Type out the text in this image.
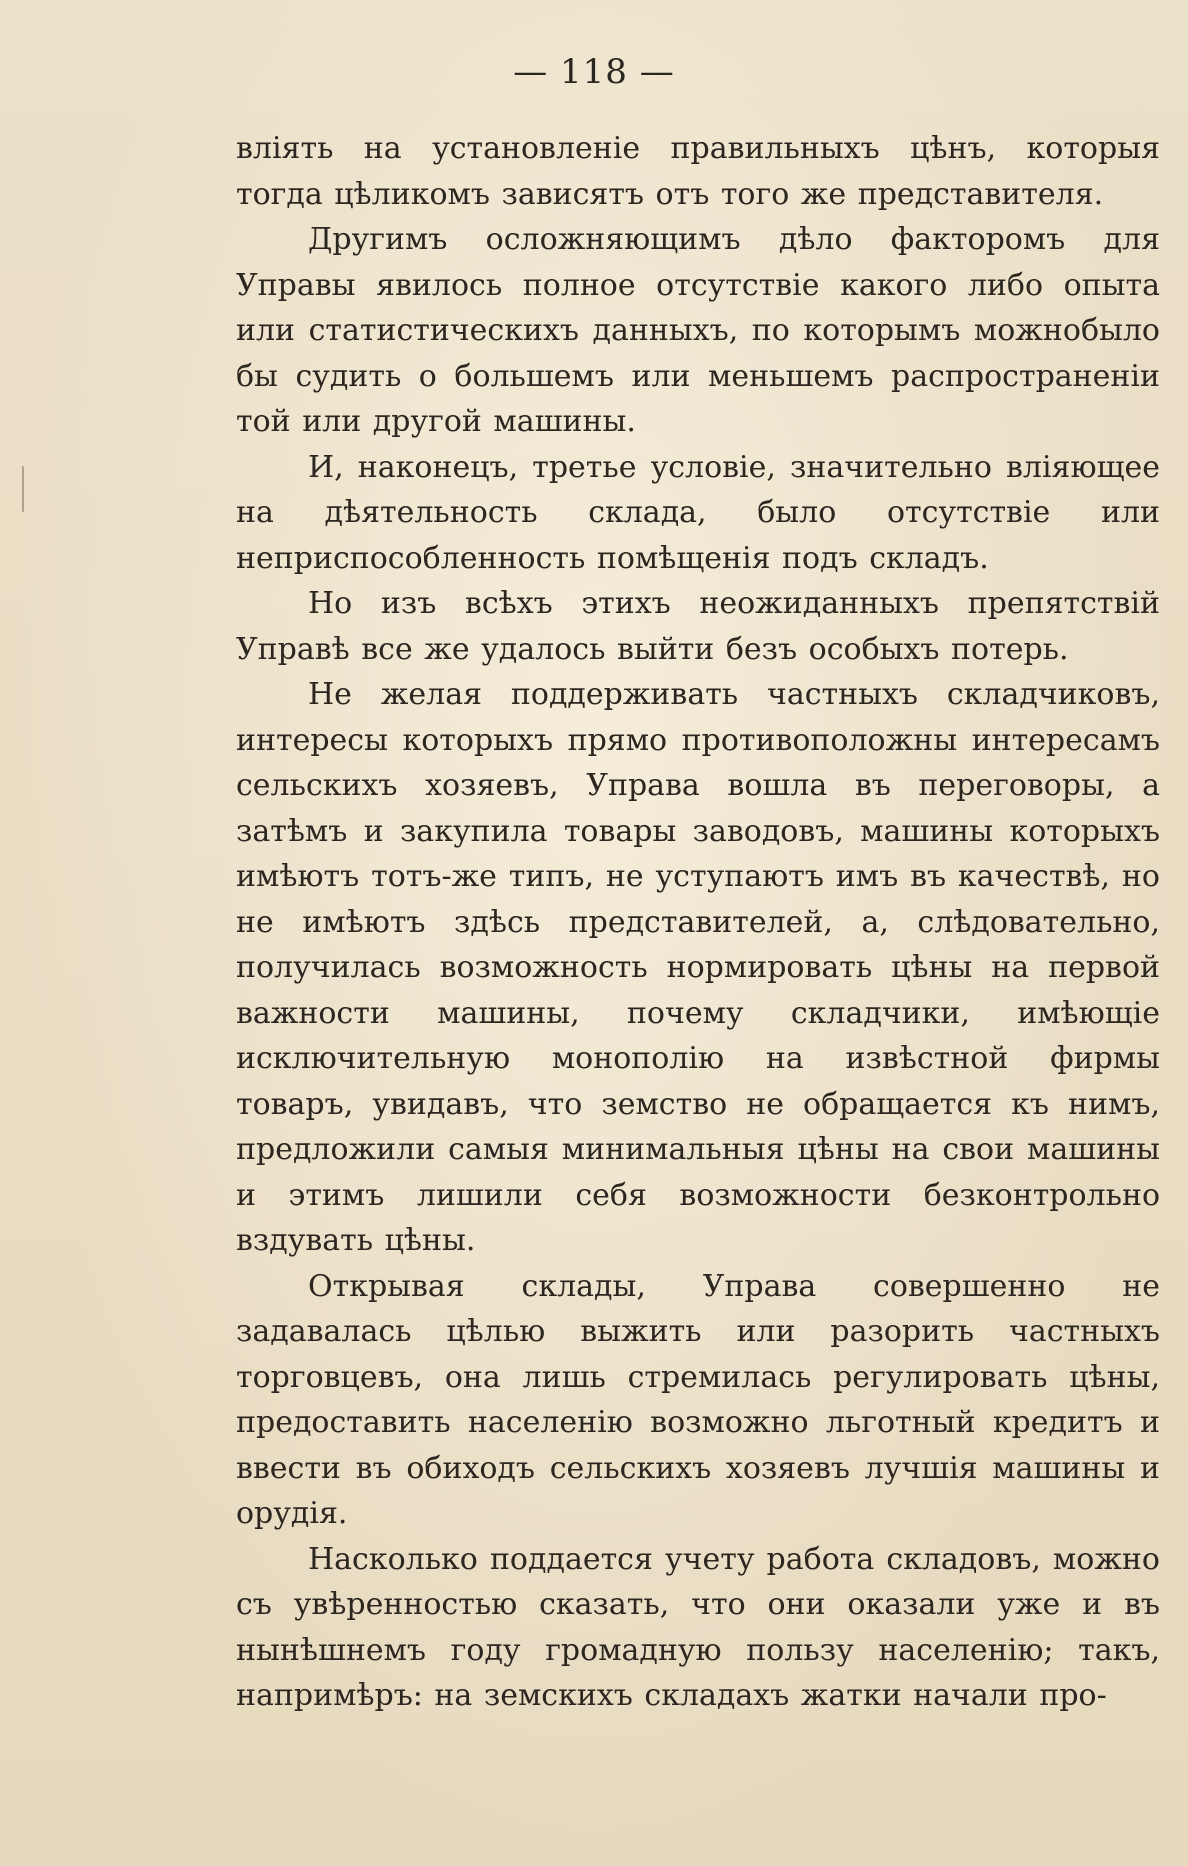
— 118 —

вліять на установленіе правильныхъ цѣнъ, которыя тогда цѣликомъ зависятъ отъ того же представителя.

Другимъ осложняющимъ дѣло факторомъ для Управы явилось полное отсутствіе какого либо опыта или статистическихъ данныхъ, по которымъ можнобыло бы судить о большемъ или меньшемъ распространеніи той или другой машины.

И, наконецъ, третье условіе, значительно вліяющее на дѣятельность склада, было отсутствіе или неприспособленность помѣщенія подъ складъ.

Но изъ всѣхъ этихъ неожиданныхъ препятствій Управѣ все же удалось выйти безъ особыхъ потерь.

Не желая поддерживать частныхъ складчиковъ, интересы которыхъ прямо противоположны интересамъ сельскихъ хозяевъ, Управа вошла въ переговоры, а затѣмъ и закупила товары заводовъ, машины которыхъ имѣютъ тотъ-же типъ, не уступаютъ имъ въ качествѣ, но не имѣютъ здѣсь представителей, а, слѣдовательно, получилась возможность нормировать цѣны на первой важности машины, почему складчики, имѣющіе исключительную монополію на извѣстной фирмы товаръ, увидавъ, что земство не обращается къ нимъ, предложили самыя минимальныя цѣны на свои машины и этимъ лишили себя возможности безконтрольно вздувать цѣны.

Открывая склады, Управа совершенно не задавалась цѣлью выжить или разорить частныхъ торговцевъ, она лишь стремилась регулировать цѣны, предоставить населенію возможно льготный кредитъ и ввести въ обиходъ сельскихъ хозяевъ лучшія машины и орудія.

Насколько поддается учету работа складовъ, можно съ увѣренностью сказать, что они оказали уже и въ нынѣшнемъ году громадную пользу населенію; такъ, напримѣръ: на земскихъ складахъ жатки начали про-
